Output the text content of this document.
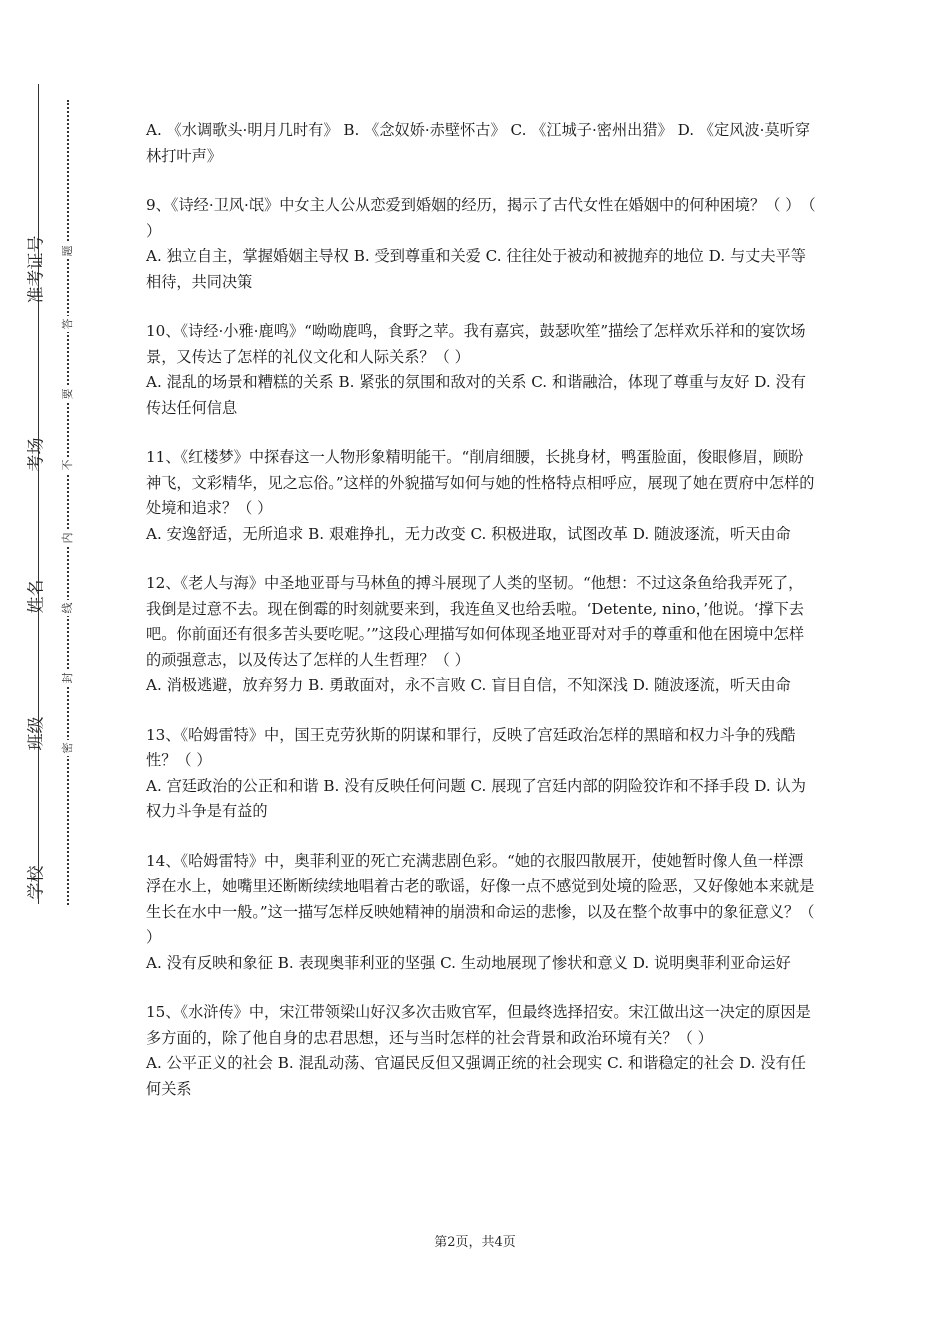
学校
班级
姓名
考场
准考证号
密
封
线
内
不
要
答
题

A. 《水调歌头·明月几时有》 B. 《念奴娇·赤壁怀古》 C. 《江城子·密州出猎》 D. 《定风波·莫听穿林打叶声》

9、《诗经·卫风·氓》中女主人公从恋爱到婚姻的经历，揭示了古代女性在婚姻中的何种困境？（ ）　（ ）

A. 独立自主，掌握婚姻主导权 B. 受到尊重和关爱 C. 往往处于被动和被抛弃的地位 D. 与丈夫平等相待，共同决策

10、《诗经·小雅·鹿鸣》“呦呦鹿鸣，食野之苹。我有嘉宾，鼓瑟吹笙”描绘了怎样欢乐祥和的宴饮场景，又传达了怎样的礼仪文化和人际关系？（ ）

A. 混乱的场景和糟糕的关系 B. 紧张的氛围和敌对的关系 C. 和谐融洽，体现了尊重与友好 D. 没有传达任何信息

11、《红楼梦》中探春这一人物形象精明能干。“削肩细腰，长挑身材，鸭蛋脸面，俊眼修眉，顾盼神飞，文彩精华，见之忘俗。”这样的外貌描写如何与她的性格特点相呼应，展现了她在贾府中怎样的处境和追求？（ ）

A. 安逸舒适，无所追求 B. 艰难挣扎，无力改变 C. 积极进取，试图改革 D. 随波逐流，听天由命

12、《老人与海》中圣地亚哥与马林鱼的搏斗展现了人类的坚韧。“他想：不过这条鱼给我弄死了，我倒是过意不去。现在倒霉的时刻就要来到，我连鱼叉也给丢啦。‘Detente, nino，’他说。‘撑下去吧。你前面还有很多苦头要吃呢。’”这段心理描写如何体现圣地亚哥对对手的尊重和他在困境中怎样的顽强意志，以及传达了怎样的人生哲理？（ ）

A. 消极逃避，放弃努力 B. 勇敢面对，永不言败 C. 盲目自信，不知深浅 D. 随波逐流，听天由命

13、《哈姆雷特》中，国王克劳狄斯的阴谋和罪行，反映了宫廷政治怎样的黑暗和权力斗争的残酷性？（ ）

A. 宫廷政治的公正和和谐 B. 没有反映任何问题 C. 展现了宫廷内部的阴险狡诈和不择手段 D. 认为权力斗争是有益的

14、《哈姆雷特》中，奥菲利亚的死亡充满悲剧色彩。“她的衣服四散展开，使她暂时像人鱼一样漂浮在水上，她嘴里还断断续续地唱着古老的歌谣，好像一点不感觉到处境的险恶，又好像她本来就是生长在水中一般。”这一描写怎样反映她精神的崩溃和命运的悲惨，以及在整个故事中的象征意义？（ ）

A. 没有反映和象征 B. 表现奥菲利亚的坚强 C. 生动地展现了惨状和意义 D. 说明奥菲利亚命运好

15、《水浒传》中，宋江带领梁山好汉多次击败官军，但最终选择招安。宋江做出这一决定的原因是多方面的，除了他自身的忠君思想，还与当时怎样的社会背景和政治环境有关？（ ）

A. 公平正义的社会 B. 混乱动荡、官逼民反但又强调正统的社会现实 C. 和谐稳定的社会 D. 没有任何关系

第2页，共4页
